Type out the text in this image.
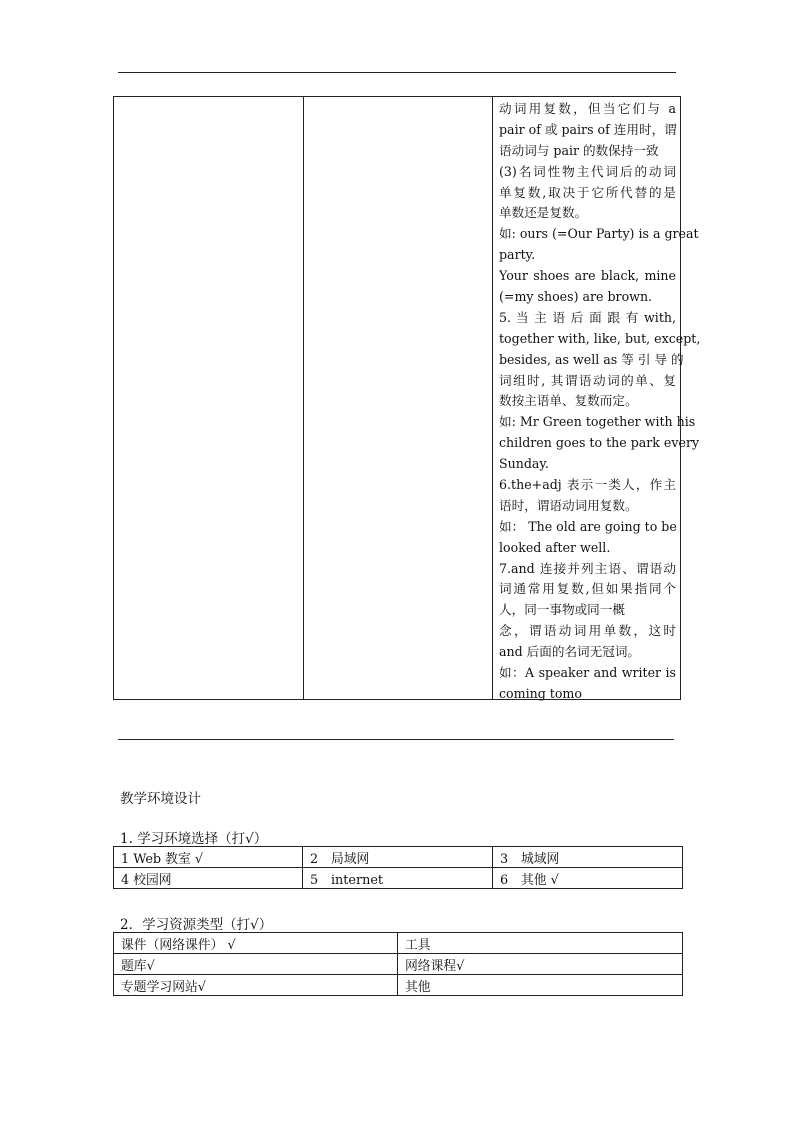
动词用复数，但当它们与 a
pair of 或 pairs of 连用时，谓
语动词与 pair 的数保持一致
(3)名词性物主代词后的动词
单复数,取决于它所代替的是
单数还是复数。
如: ours (=Our Party) is a great
party.
Your shoes are black, mine
(=my shoes) are brown.
5. 当 主 语 后 面 跟 有 with,
together with, like, but, except,
besides, as well as 等 引 导 的
词组时, 其谓语动词的单、复
数按主语单、复数而定。
如: Mr Green together with his
children goes to the park every
Sunday.
6.the+adj 表示一类人，作主
语时，谓语动词用复数。
如： The old are going to be
looked after well.
7.and 连接并列主语、谓语动
词通常用复数,但如果指同个
人，同一事物或同一概
念，谓语动词用单数，这时
and 后面的名词无冠词。
如：A speaker and writer is
coming tomo
教学环境设计
1. 学习环境选择（打√）
1 Web 教室 √	2　局域网	3　城域网
4 校园网	5　internet	6　其他 √
2．学习资源类型（打√）
课件（网络课件） √	工具
题库√	网络课程√
专题学习网站√	其他
